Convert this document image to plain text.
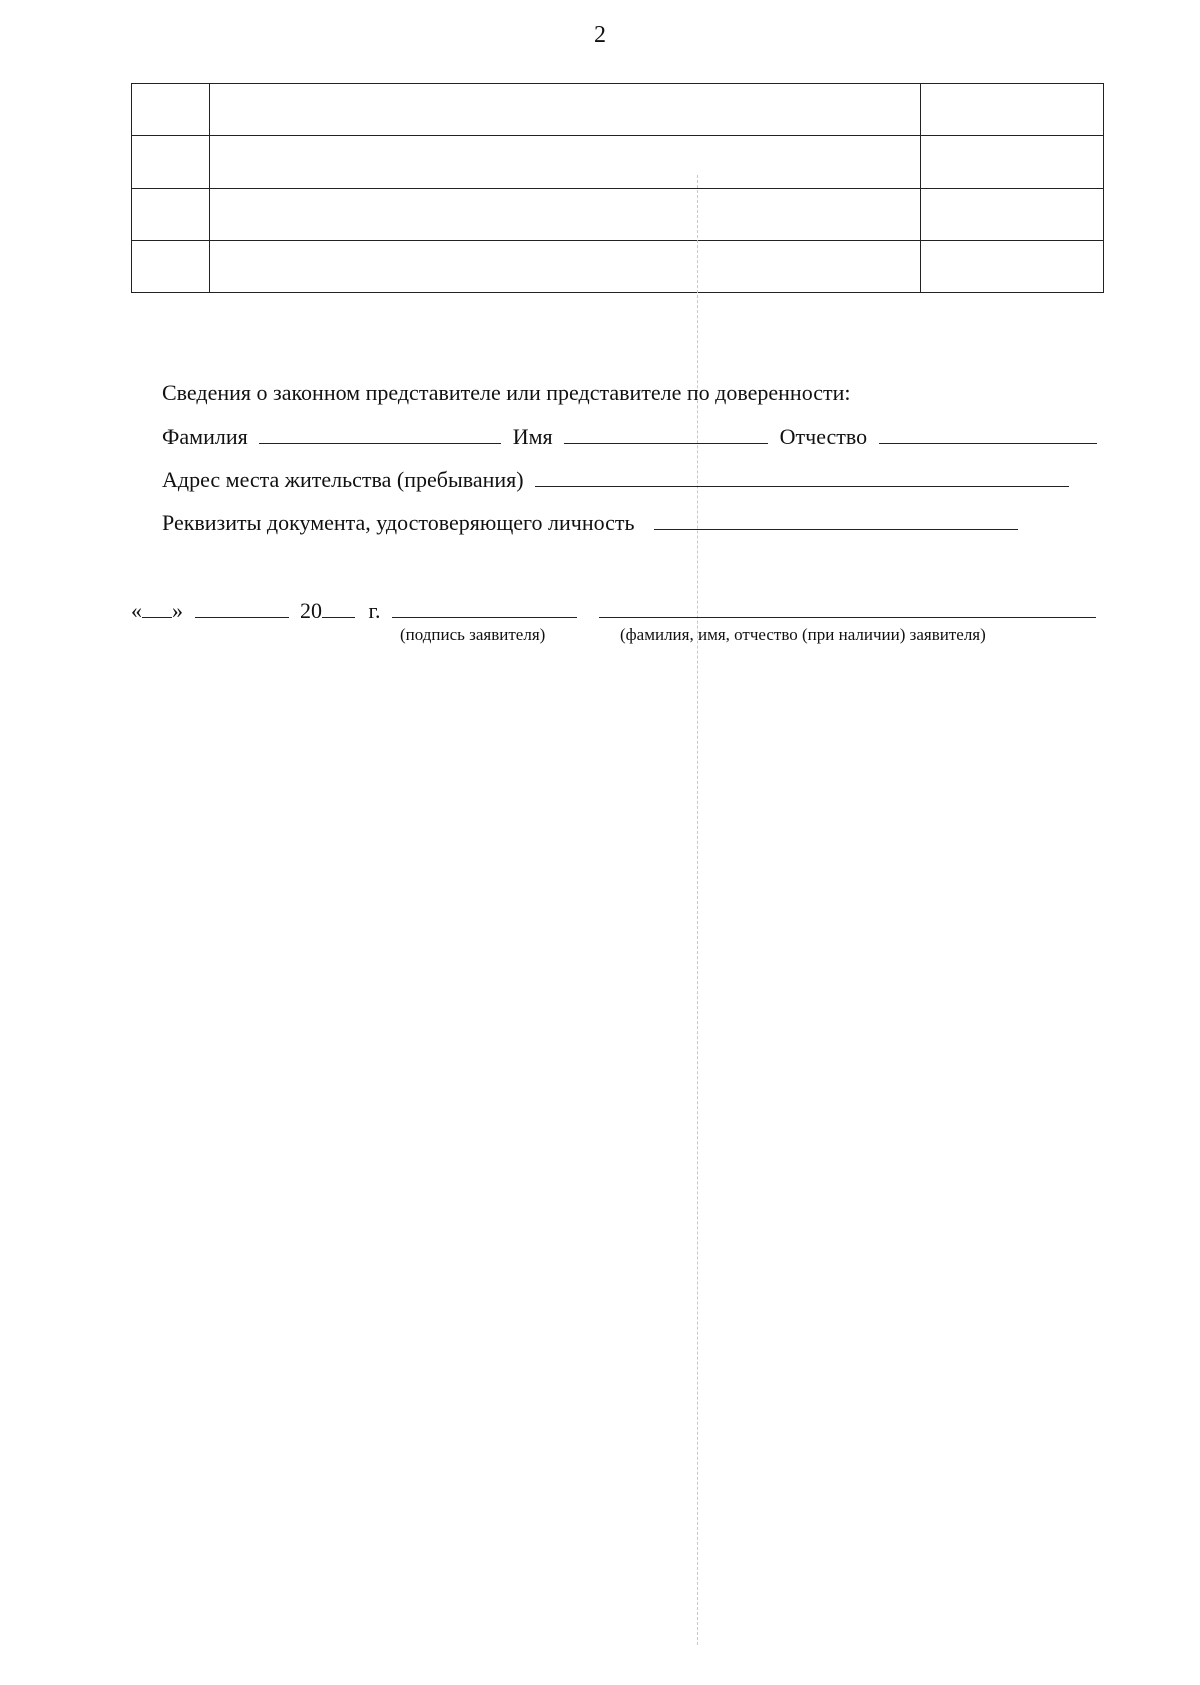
2

Сведения о законном представителе или представителе по доверенности:
Фамилия	Имя	Отчество
Адрес места жительства (пребывания)
Реквизиты документа, удостоверяющего личность
« »	20 г.
(подпись заявителя)	(фамилия, имя, отчество (при наличии) заявителя)
